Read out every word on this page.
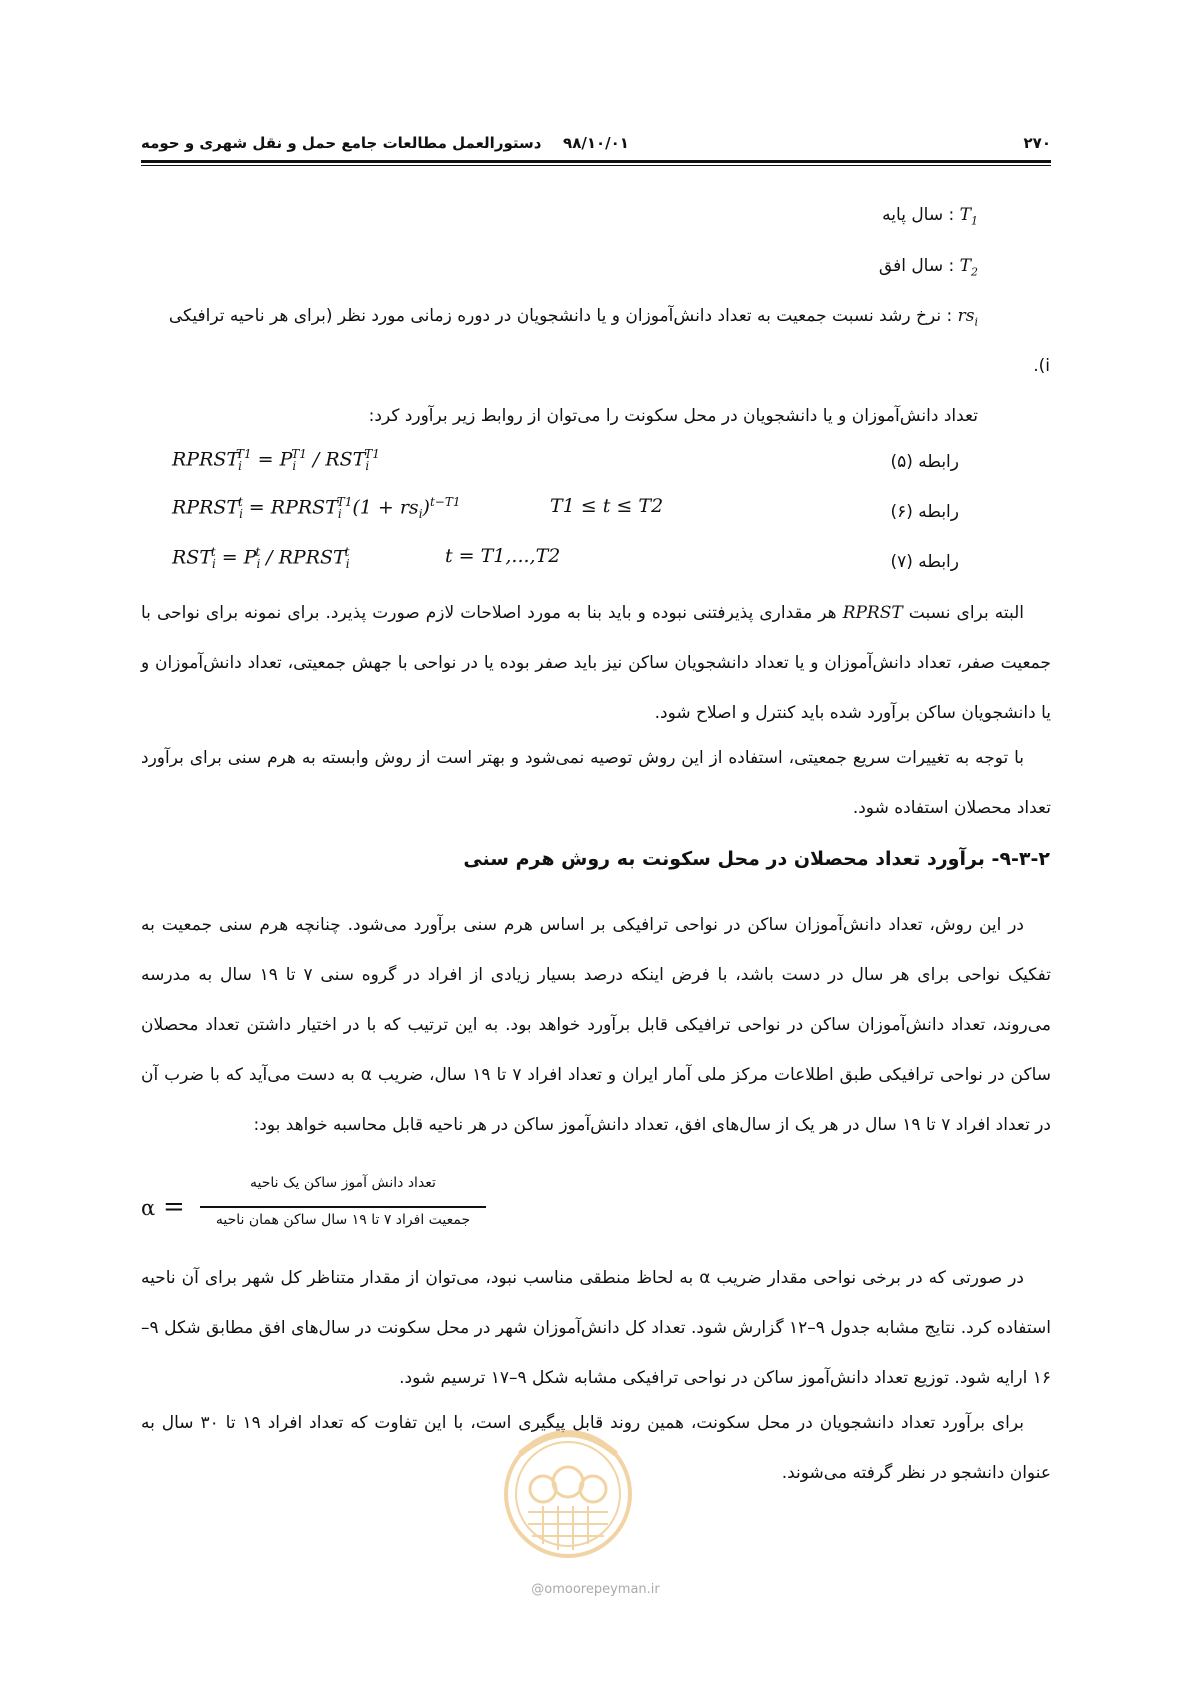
۲۷۰
۹۸/۱۰/۰۱
دستورالعمل مطالعات جامع حمل و نقل شهری و حومه
$T_1$ : سال پایه
$T_2$ : سال افق
$rs_i$ : نرخ رشد نسبت جمعیت به تعداد دانش‌آموزان و یا دانشجویان در دوره زمانی مورد نظر (برای هر ناحیه ترافیکی
i).
تعداد دانش‌آموزان و یا دانشجویان در محل سکونت را می‌توان از روابط زیر برآورد کرد:
$RPRST_i^{T1} = P_i^{T1} / RST_i^{T1}$	رابطه (۵)
$RPRST_i^t$ = $RPRST_i^{T1}(1 + rs_i)^{t-T1}$	T1 ≤ t ≤ T2	رابطه (۶)
$RST_i^t = P_i^t$ / $RPRST_i^t$	t = T1,...,T2	رابطه (۷)

البته برای نسبت RPRST هر مقداری پذیرفتنی نبوده و باید بنا به مورد اصلاحات لازم صورت پذیرد. برای نمونه برای نواحی با جمعیت صفر، تعداد دانش‌آموزان و یا تعداد دانشجویان ساکن نیز باید صفر بوده یا در نواحی با جهش جمعیتی، تعداد دانش‌آموزان و یا دانشجویان ساکن برآورد شده باید کنترل و اصلاح شود.

با توجه به تغییرات سریع جمعیتی، استفاده از این روش توصیه نمی‌شود و بهتر است از روش وابسته به هرم سنی برای برآورد تعداد محصلان استفاده شود.

۹-۳-۲- برآورد تعداد محصلان در محل سکونت به روش هرم سنی

در این روش، تعداد دانش‌آموزان ساکن در نواحی ترافیکی بر اساس هرم سنی برآورد می‌شود. چنانچه هرم سنی جمعیت به تفکیک نواحی برای هر سال در دست باشد، با فرض اینکه درصد بسیار زیادی از افراد در گروه سنی ۷ تا ۱۹ سال به مدرسه می‌روند، تعداد دانش‌آموزان ساکن در نواحی ترافیکی قابل برآورد خواهد بود. به این ترتیب که با در اختیار داشتن تعداد محصلان ساکن در نواحی ترافیکی طبق اطلاعات مرکز ملی آمار ایران و تعداد افراد ۷ تا ۱۹ سال، ضریب α به دست می‌آید که با ضرب آن در تعداد افراد ۷ تا ۱۹ سال در هر یک از سال‌های افق، تعداد دانش‌آموز ساکن در هر ناحیه قابل محاسبه خواهد بود:

α =
تعداد دانش آموز ساکن یک ناحیه
جمعیت افراد ۷ تا ۱۹ سال ساکن همان ناحیه

در صورتی که در برخی نواحی مقدار ضریب α به لحاظ منطقی مناسب نبود، می‌توان از مقدار متناظر کل شهر برای آن ناحیه استفاده کرد. نتایج مشابه جدول ۹–۱۲ گزارش شود. تعداد کل دانش‌آموزان شهر در محل سکونت در سال‌های افق مطابق شکل ۹–۱۶ ارایه شود. توزیع تعداد دانش‌آموز ساکن در نواحی ترافیکی مشابه شکل ۹–۱۷ ترسیم شود.

برای برآورد تعداد دانشجویان در محل سکونت، همین روند قابل پیگیری است، با این تفاوت که تعداد افراد ۱۹ تا ۳۰ سال به عنوان دانشجو در نظر گرفته می‌شوند.

@omoorepeyman.ir
